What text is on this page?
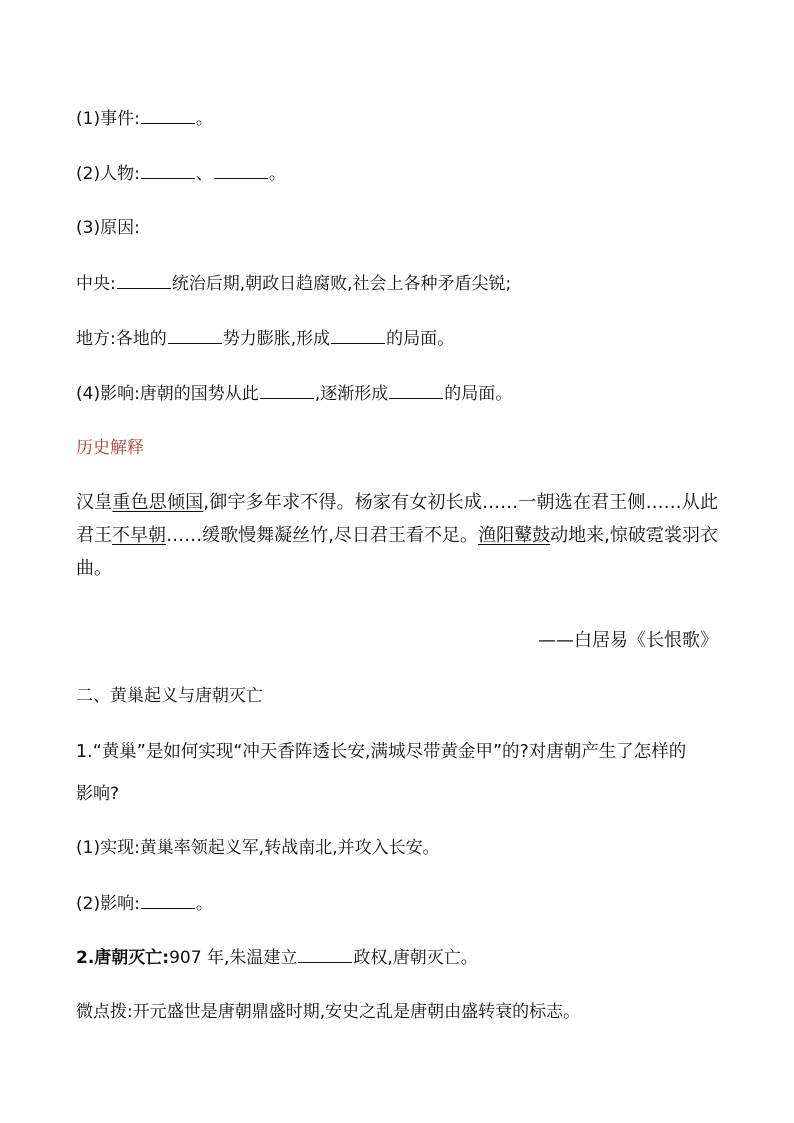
(1)事件:	。
(2)人物:	、	。
(3)原因:
中央:	统治后期,朝政日趋腐败,社会上各种矛盾尖锐;
地方:各地的	势力膨胀,形成	的局面。
(4)影响:唐朝的国势从此	,逐渐形成	的局面。
历史解释
汉皇重色思倾国,御宇多年求不得。杨家有女初长成……一朝选在君王侧……从此君王不早朝……缓歌慢舞凝丝竹,尽日君王看不足。渔阳鼙鼓动地来,惊破霓裳羽衣曲。
——白居易《长恨歌》
二、黄巢起义与唐朝灭亡
1.“黄巢”是如何实现“冲天香阵透长安,满城尽带黄金甲”的?对唐朝产生了怎样的
影响?
(1)实现:黄巢率领起义军,转战南北,并攻入长安。
(2)影响:	。
2.唐朝灭亡:907 年,朱温建立	政权,唐朝灭亡。
微点拨:开元盛世是唐朝鼎盛时期,安史之乱是唐朝由盛转衰的标志。
